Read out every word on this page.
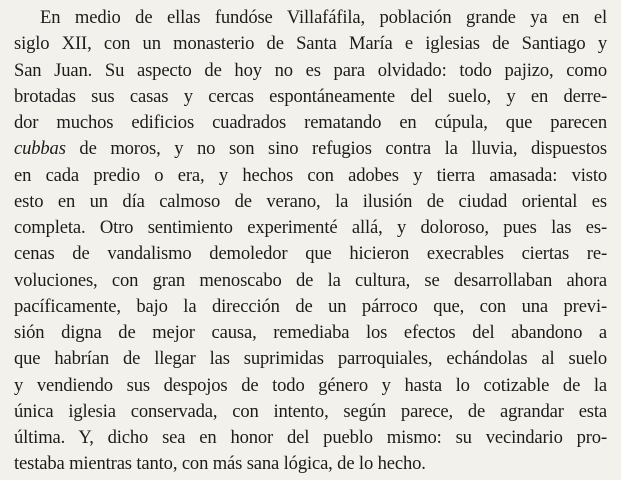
En medio de ellas fundóse Villafáfila, población grande ya en el
siglo XII, con un monasterio de Santa María e iglesias de Santiago y
San Juan. Su aspecto de hoy no es para olvidado: todo pajizo, como
brotadas sus casas y cercas espontáneamente del suelo, y en derre-
dor muchos edificios cuadrados rematando en cúpula, que parecen
cubbas de moros, y no son sino refugios contra la lluvia, dispuestos
en cada predio o era, y hechos con adobes y tierra amasada: visto
esto en un día calmoso de verano, la ilusión de ciudad oriental es
completa. Otro sentimiento experimenté allá, y doloroso, pues las es-
cenas de vandalismo demoledor que hicieron execrables ciertas re-
voluciones, con gran menoscabo de la cultura, se desarrollaban ahora
pacíficamente, bajo la dirección de un párroco que, con una previ-
sión digna de mejor causa, remediaba los efectos del abandono a
que habrían de llegar las suprimidas parroquiales, echándolas al suelo
y vendiendo sus despojos de todo género y hasta lo cotizable de la
única iglesia conservada, con intento, según parece, de agrandar esta
última. Y, dicho sea en honor del pueblo mismo: su vecindario pro-
testaba mientras tanto, con más sana lógica, de lo hecho.
